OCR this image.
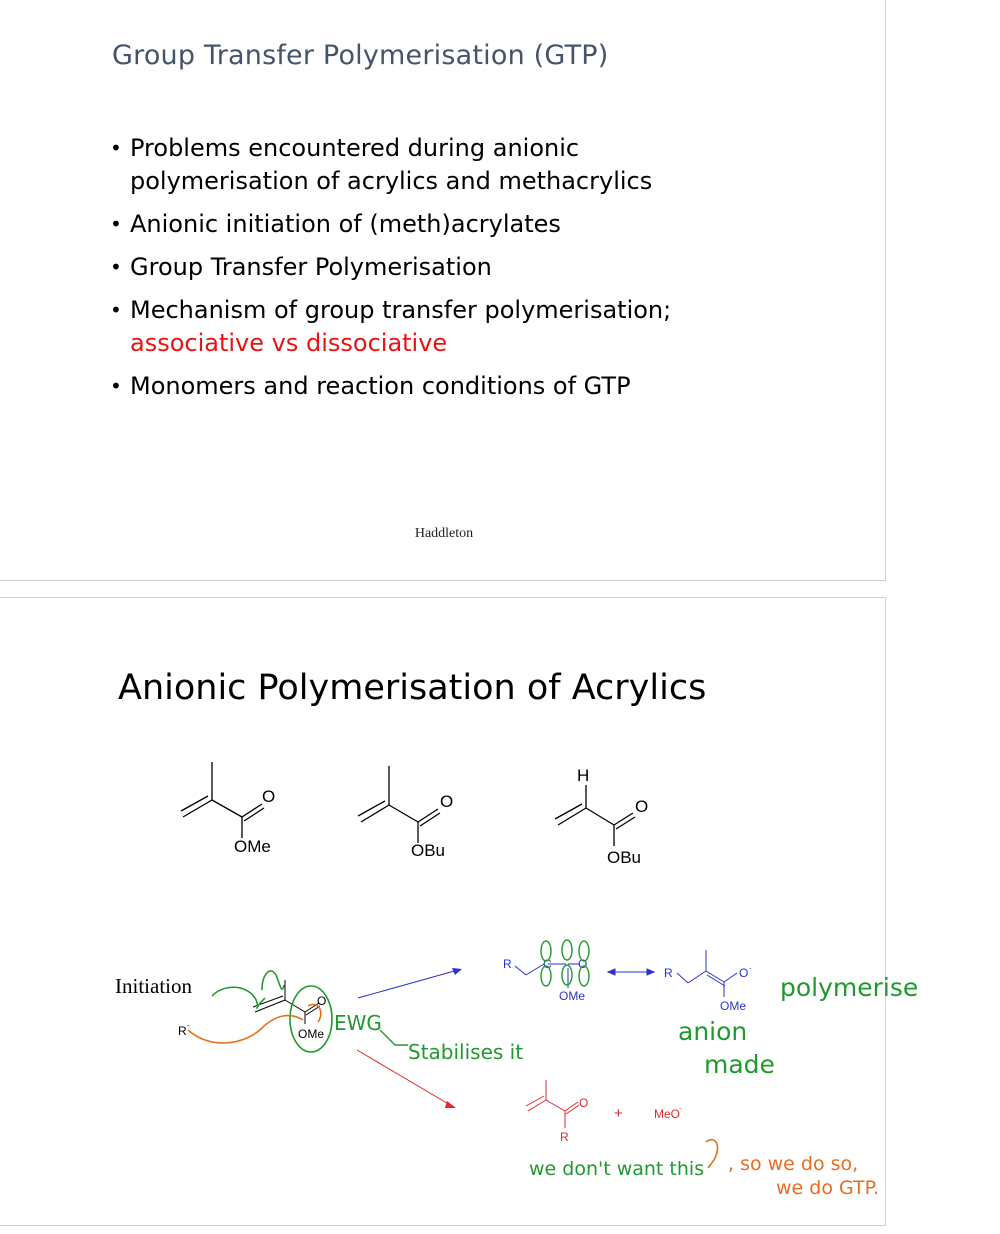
Group Transfer Polymerisation (GTP)
• Problems encountered during anionic polymerisation of acrylics and methacrylics
• Anionic initiation of (meth)acrylates
• Group Transfer Polymerisation
• Mechanism of group transfer polymerisation;
associative vs dissociative
• Monomers and reaction conditions of GTP
Haddleton
Anionic Polymerisation of Acrylics
O
OMe
O
OBu
H
O
OBu
Initiation
R -
O
OMe
R	C O
OMe
R	O -
OMe
O
R
+	MeO
-
EWG
Stabilises it
polymerise
anion
made
we don't want this , so we do so,
we do GTP.
